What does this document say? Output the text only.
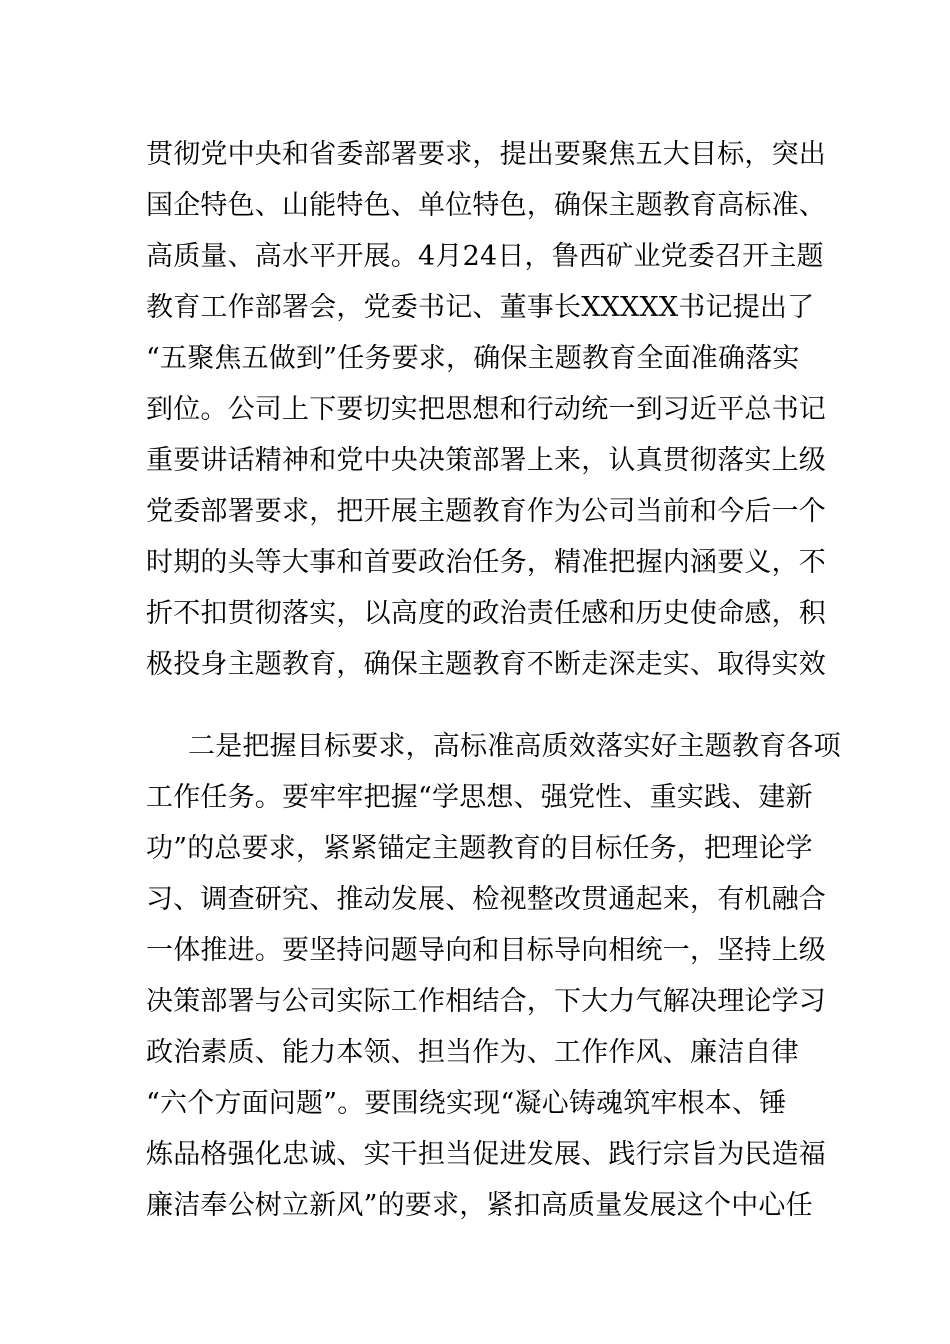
贯彻党中央和省委部署要求，提出要聚焦五大目标，突出
国企特色、山能特色、单位特色，确保主题教育高标准、
高质量、高水平开展。4月24日，鲁西矿业党委召开主题
教育工作部署会，党委书记、董事长XXXXX书记提出了
“五聚焦五做到”任务要求，确保主题教育全面准确落实
到位。公司上下要切实把思想和行动统一到习近平总书记
重要讲话精神和党中央决策部署上来，认真贯彻落实上级
党委部署要求，把开展主题教育作为公司当前和今后一个
时期的头等大事和首要政治任务，精准把握内涵要义，不
折不扣贯彻落实，以高度的政治责任感和历史使命感，积
极投身主题教育，确保主题教育不断走深走实、取得实效
二是把握目标要求，高标准高质效落实好主题教育各项
工作任务。要牢牢把握“学思想、强党性、重实践、建新
功”的总要求，紧紧锚定主题教育的目标任务，把理论学
习、调查研究、推动发展、检视整改贯通起来，有机融合
一体推进。要坚持问题导向和目标导向相统一，坚持上级
决策部署与公司实际工作相结合，下大力气解决理论学习
政治素质、能力本领、担当作为、工作作风、廉洁自律
“六个方面问题”。要围绕实现“凝心铸魂筑牢根本、锤
炼品格强化忠诚、实干担当促进发展、践行宗旨为民造福
廉洁奉公树立新风”的要求，紧扣高质量发展这个中心任
